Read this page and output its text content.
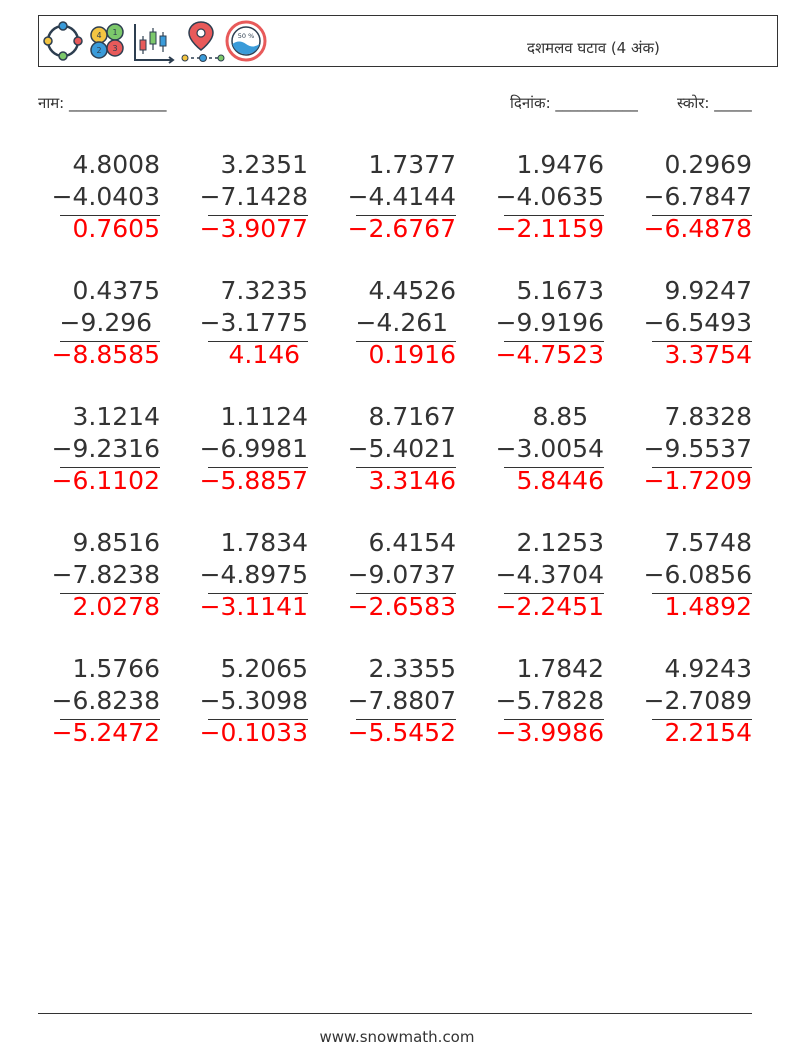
4 1
2 3
50 %
दशमलव घटाव (4 अंक)
नाम: _____________	दिनांक: ___________	स्कोर: _____
4.8008
−4.0403
0.7605
3.2351
−7.1428
−3.9077
1.7377
−4.4144
−2.6767
1.9476
−4.0635
−2.1159
0.2969
−6.7847
−6.4878
0.4375
−9.296
−8.8585
7.3235
−3.1775
4.146
4.4526
−4.261
0.1916
5.1673
−9.9196
−4.7523
9.9247
−6.5493
3.3754
3.1214
−9.2316
−6.1102
1.1124
−6.9981
−5.8857
8.7167
−5.4021
3.3146
8.85
−3.0054
5.8446
7.8328
−9.5537
−1.7209
9.8516
−7.8238
2.0278
1.7834
−4.8975
−3.1141
6.4154
−9.0737
−2.6583
2.1253
−4.3704
−2.2451
7.5748
−6.0856
1.4892
1.5766
−6.8238
−5.2472
5.2065
−5.3098
−0.1033
2.3355
−7.8807
−5.5452
1.7842
−5.7828
−3.9986
4.9243
−2.7089
2.2154
www.snowmath.com
